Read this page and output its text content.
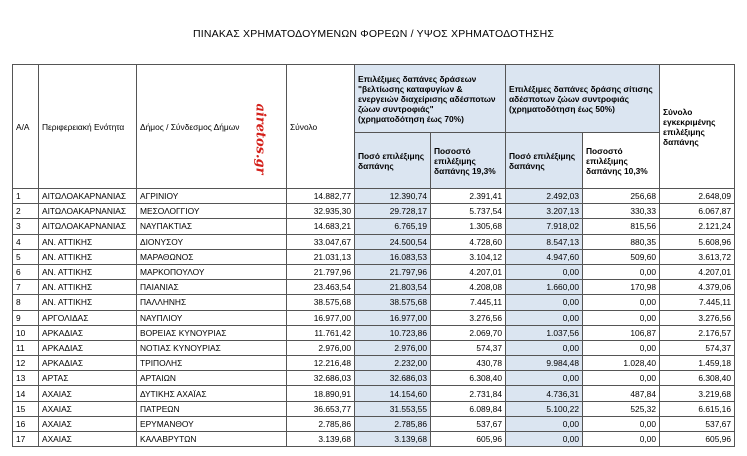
ΠΙΝΑΚΑΣ ΧΡΗΜΑΤΟΔΟΥΜΕΝΩΝ ΦΟΡΕΩΝ / ΥΨΟΣ ΧΡΗΜΑΤΟΔΟΤΗΣΗΣ
Α/Α	Περιφερειακή Ενότητα	Δήμος / Σύνδεσμος Δήμων	Σύνολο	Επιλέξιμες δαπάνες δράσεων "βελτίωσης καταφυγίων & ενεργειών διαχείρισης αδέσποτων ζώων συντροφιάς" (χρηματοδότηση έως 70%)		Επιλέξιμες δαπάνες δράσης σίτισης αδέσποτων ζώων συντροφιάς (χρηματοδότηση έως 50%)		Σύνολο εγκεκριμένης επιλέξιμης δαπάνης
				Ποσό επιλέξιμης δαπάνης	Ποσοστό επιλέξιμης δαπάνης 19,3%	Ποσό επιλέξιμης δαπάνης	Ποσοστό επιλέξιμης δαπάνης 10,3%	
1	ΑΙΤΩΛΟΑΚΑΡΝΑΝΙΑΣ	ΑΓΡΙΝΙΟΥ	14.882,77	12.390,74	2.391,41	2.492,03	256,68	2.648,09
2	ΑΙΤΩΛΟΑΚΑΡΝΑΝΙΑΣ	ΜΕΣΟΛΟΓΓΙΟΥ	32.935,30	29.728,17	5.737,54	3.207,13	330,33	6.067,87
3	ΑΙΤΩΛΟΑΚΑΡΝΑΝΙΑΣ	ΝΑΥΠΑΚΤΙΑΣ	14.683,21	6.765,19	1.305,68	7.918,02	815,56	2.121,24
4	ΑΝ. ΑΤΤΙΚΗΣ	ΔΙΟΝΥΣΟΥ	33.047,67	24.500,54	4.728,60	8.547,13	880,35	5.608,96
5	ΑΝ. ΑΤΤΙΚΗΣ	ΜΑΡΑΘΩΝΟΣ	21.031,13	16.083,53	3.104,12	4.947,60	509,60	3.613,72
6	ΑΝ. ΑΤΤΙΚΗΣ	ΜΑΡΚΟΠΟΥΛΟΥ	21.797,96	21.797,96	4.207,01	0,00	0,00	4.207,01
7	ΑΝ. ΑΤΤΙΚΗΣ	ΠΑΙΑΝΙΑΣ	23.463,54	21.803,54	4.208,08	1.660,00	170,98	4.379,06
8	ΑΝ. ΑΤΤΙΚΗΣ	ΠΑΛΛΗΝΗΣ	38.575,68	38.575,68	7.445,11	0,00	0,00	7.445,11
9	ΑΡΓΟΛΙΔΑΣ	ΝΑΥΠΛΙΟΥ	16.977,00	16.977,00	3.276,56	0,00	0,00	3.276,56
10	ΑΡΚΑΔΙΑΣ	ΒΟΡΕΙΑΣ ΚΥΝΟΥΡΙΑΣ	11.761,42	10.723,86	2.069,70	1.037,56	106,87	2.176,57
11	ΑΡΚΑΔΙΑΣ	ΝΟΤΙΑΣ ΚΥΝΟΥΡΙΑΣ	2.976,00	2.976,00	574,37	0,00	0,00	574,37
12	ΑΡΚΑΔΙΑΣ	ΤΡΙΠΟΛΗΣ	12.216,48	2.232,00	430,78	9.984,48	1.028,40	1.459,18
13	ΑΡΤΑΣ	ΑΡΤΑΙΩΝ	32.686,03	32.686,03	6.308,40	0,00	0,00	6.308,40
14	ΑΧΑΙΑΣ	ΔΥΤΙΚΗΣ ΑΧΑΪΑΣ	18.890,91	14.154,60	2.731,84	4.736,31	487,84	3.219,68
15	ΑΧΑΙΑΣ	ΠΑΤΡΕΩΝ	36.653,77	31.553,55	6.089,84	5.100,22	525,32	6.615,16
16	ΑΧΑΙΑΣ	ΕΡΥΜΑΝΘΟΥ	2.785,86	2.785,86	537,67	0,00	0,00	537,67
17	ΑΧΑΙΑΣ	ΚΑΛΑΒΡΥΤΩΝ	3.139,68	3.139,68	605,96	0,00	0,00	605,96
airetos.gr
